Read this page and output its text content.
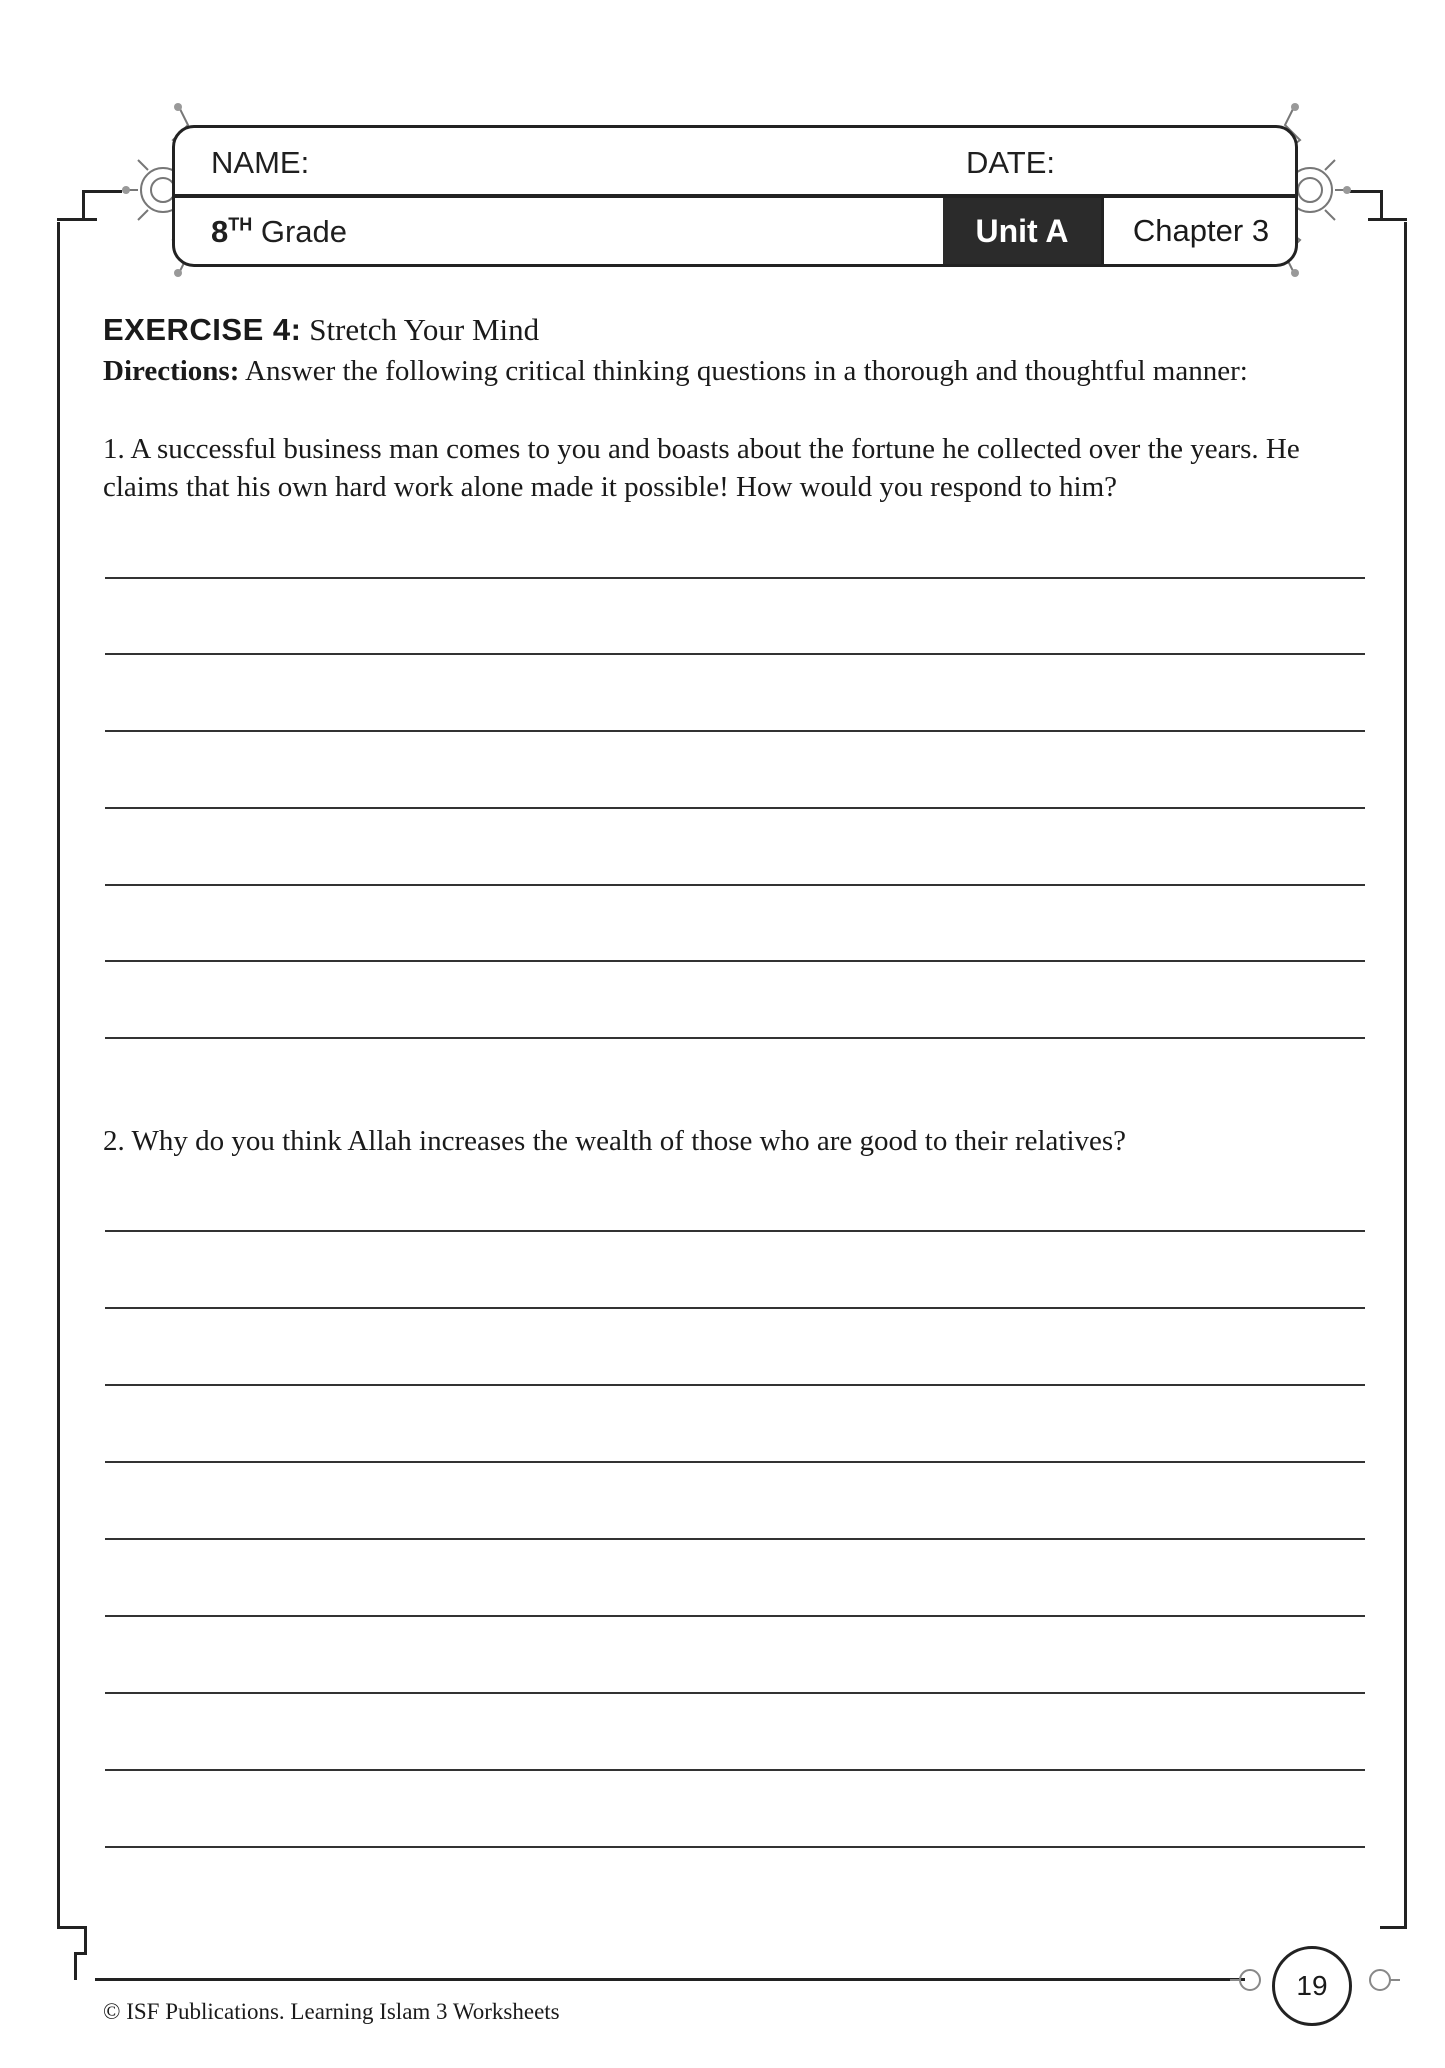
NAME:	DATE:
8TH Grade	Unit A	Chapter 3
EXERCISE 4: Stretch Your Mind
Directions: Answer the following critical thinking questions in a thorough and thoughtful manner:
1. A successful business man comes to you and boasts about the fortune he collected over the years. He claims that his own hard work alone made it possible! How would you respond to him?
2. Why do you think Allah increases the wealth of those who are good to their relatives?
19
© ISF Publications. Learning Islam 3 Worksheets
